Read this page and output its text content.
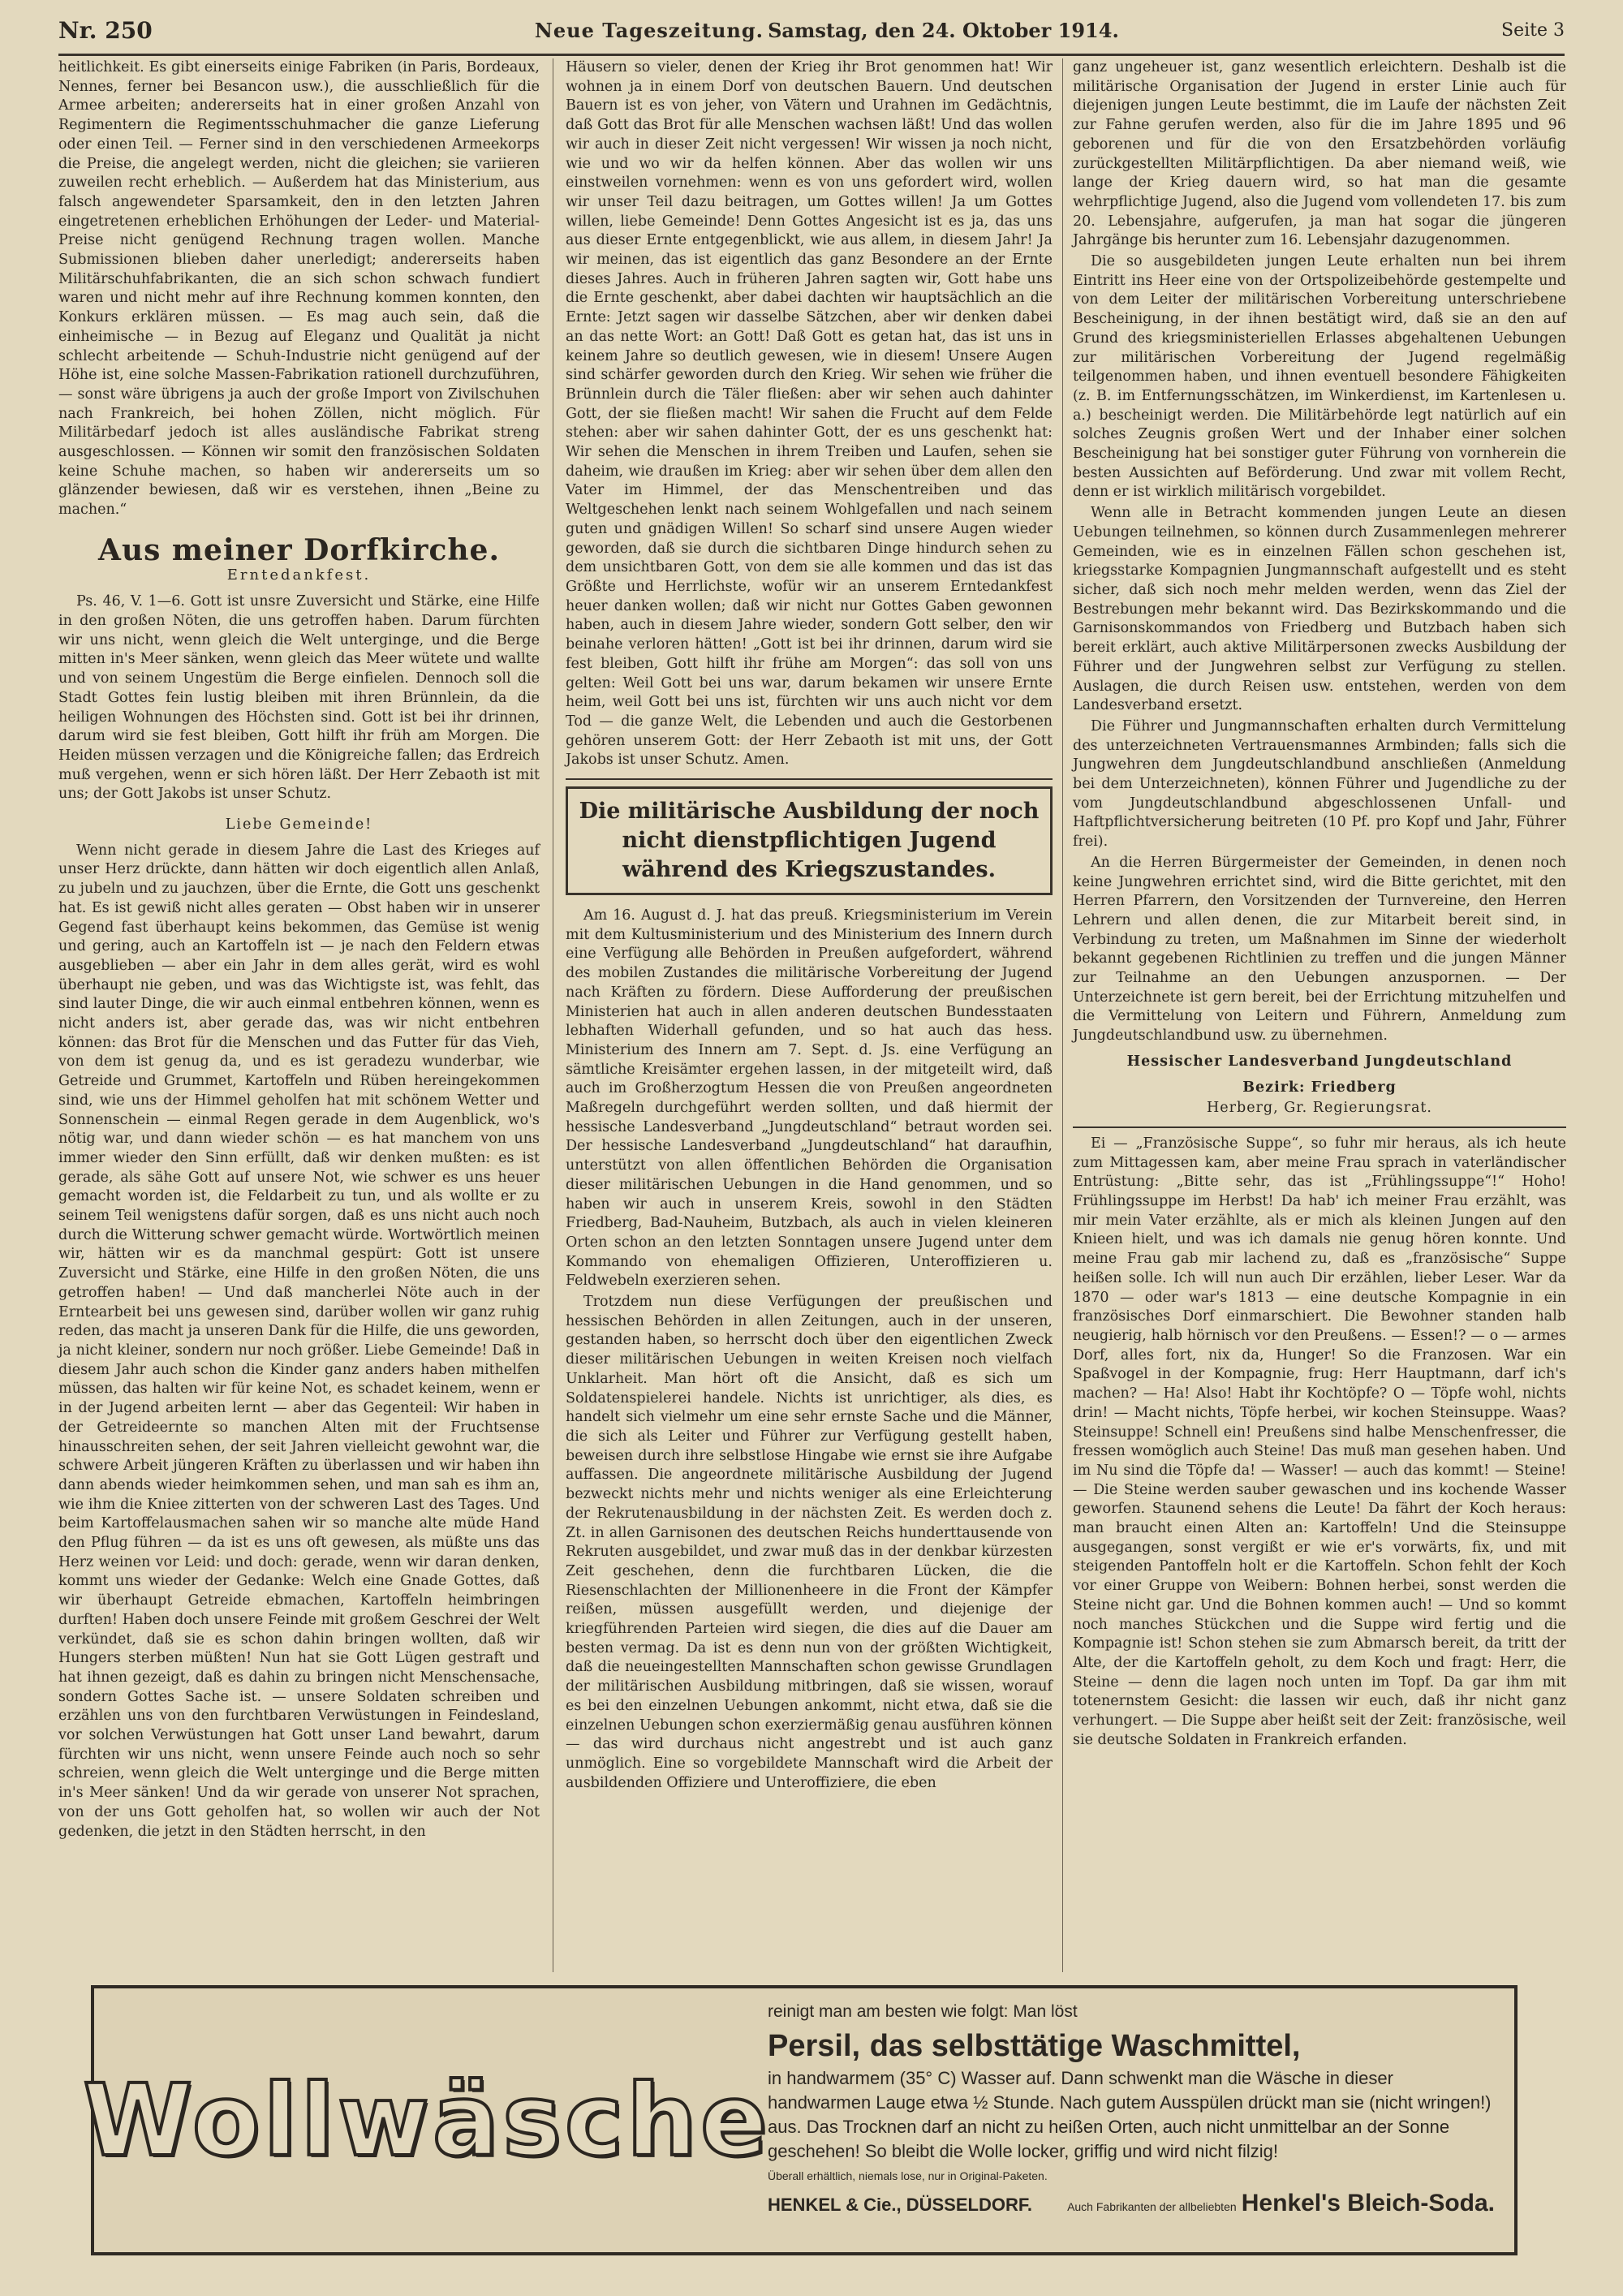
Nr. 250	Neue Tageszeitung. Samstag, den 24. Oktober 1914.	Seite 3

heitlichkeit. Es gibt einerseits einige Fabriken (in Paris, Bordeaux, Nennes, ferner bei Besancon usw.), die ausschließlich für die Armee arbeiten; andererseits hat in einer großen Anzahl von Regimentern die Regimentsschuhmacher die ganze Lieferung oder einen Teil. — Ferner sind in den verschiedenen Armeekorps die Preise, die angelegt werden, nicht die gleichen; sie variieren zuweilen recht erheblich. — Außerdem hat das Ministerium, aus falsch angewendeter Sparsamkeit, den in den letzten Jahren eingetretenen erheblichen Erhöhungen der Leder- und Material-Preise nicht genügend Rechnung tragen wollen. Manche Submissionen blieben daher unerledigt; andererseits haben Militärschuhfabrikanten, die an sich schon schwach fundiert waren und nicht mehr auf ihre Rechnung kommen konnten, den Konkurs erklären müssen. — Es mag auch sein, daß die einheimische — in Bezug auf Eleganz und Qualität ja nicht schlecht arbeitende — Schuh-Industrie nicht genügend auf der Höhe ist, eine solche Massen-Fabrikation rationell durchzuführen, — sonst wäre übrigens ja auch der große Import von Zivilschuhen nach Frankreich, bei hohen Zöllen, nicht möglich. Für Militärbedarf jedoch ist alles ausländische Fabrikat streng ausgeschlossen. — Können wir somit den französischen Soldaten keine Schuhe machen, so haben wir andererseits um so glänzender bewiesen, daß wir es verstehen, ihnen „Beine zu machen.“

Aus meiner Dorfkirche.
Erntedankfest.

Ps. 46, V. 1—6. Gott ist unsre Zuversicht und Stärke, eine Hilfe in den großen Nöten, die uns getroffen haben. Darum fürchten wir uns nicht, wenn gleich die Welt unterginge, und die Berge mitten in's Meer sänken, wenn gleich das Meer wütete und wallte und von seinem Ungestüm die Berge einfielen. Dennoch soll die Stadt Gottes fein lustig bleiben mit ihren Brünnlein, da die heiligen Wohnungen des Höchsten sind. Gott ist bei ihr drinnen, darum wird sie fest bleiben, Gott hilft ihr früh am Morgen. Die Heiden müssen verzagen und die Königreiche fallen; das Erdreich muß vergehen, wenn er sich hören läßt. Der Herr Zebaoth ist mit uns; der Gott Jakobs ist unser Schutz.

Liebe Gemeinde!

Wenn nicht gerade in diesem Jahre die Last des Krieges auf unser Herz drückte, dann hätten wir doch eigentlich allen Anlaß, zu jubeln und zu jauchzen, über die Ernte, die Gott uns geschenkt hat. Es ist gewiß nicht alles geraten — Obst haben wir in unserer Gegend fast überhaupt keins bekommen, das Gemüse ist wenig und gering, auch an Kartoffeln ist — je nach den Feldern etwas ausgeblieben — aber ein Jahr in dem alles gerät, wird es wohl überhaupt nie geben, und was das Wichtigste ist, was fehlt, das sind lauter Dinge, die wir auch einmal entbehren können, wenn es nicht anders ist, aber gerade das, was wir nicht entbehren können: das Brot für die Menschen und das Futter für das Vieh, von dem ist genug da, und es ist geradezu wunderbar, wie Getreide und Grummet, Kartoffeln und Rüben hereingekommen sind, wie uns der Himmel geholfen hat mit schönem Wetter und Sonnenschein — einmal Regen gerade in dem Augenblick, wo's nötig war, und dann wieder schön — es hat manchem von uns immer wieder den Sinn erfüllt, daß wir denken mußten: es ist gerade, als sähe Gott auf unsere Not, wie schwer es uns heuer gemacht worden ist, die Feldarbeit zu tun, und als wollte er zu seinem Teil wenigstens dafür sorgen, daß es uns nicht auch noch durch die Witterung schwer gemacht würde. Wortwörtlich meinen wir, hätten wir es da manchmal gespürt: Gott ist unsere Zuversicht und Stärke, eine Hilfe in den großen Nöten, die uns getroffen haben! — Und daß mancherlei Nöte auch in der Erntearbeit bei uns gewesen sind, darüber wollen wir ganz ruhig reden, das macht ja unseren Dank für die Hilfe, die uns geworden, ja nicht kleiner, sondern nur noch größer. Liebe Gemeinde! Daß in diesem Jahr auch schon die Kinder ganz anders haben mithelfen müssen, das halten wir für keine Not, es schadet keinem, wenn er in der Jugend arbeiten lernt — aber das Gegenteil: Wir haben in der Getreideernte so manchen Alten mit der Fruchtsense hinausschreiten sehen, der seit Jahren vielleicht gewohnt war, die schwere Arbeit jüngeren Kräften zu überlassen und wir haben ihn dann abends wieder heimkommen sehen, und man sah es ihm an, wie ihm die Kniee zitterten von der schweren Last des Tages. Und beim Kartoffelausmachen sahen wir so manche alte müde Hand den Pflug führen — da ist es uns oft gewesen, als müßte uns das Herz weinen vor Leid: und doch: gerade, wenn wir daran denken, kommt uns wieder der Gedanke: Welch eine Gnade Gottes, daß wir überhaupt Getreide ebmachen, Kartoffeln heimbringen durften! Haben doch unsere Feinde mit großem Geschrei der Welt verkündet, daß sie es schon dahin bringen wollten, daß wir Hungers sterben müßten! Nun hat sie Gott Lügen gestraft und hat ihnen gezeigt, daß es dahin zu bringen nicht Menschensache, sondern Gottes Sache ist. — unsere Soldaten schreiben und erzählen uns von den furchtbaren Verwüstungen in Feindesland, vor solchen Verwüstungen hat Gott unser Land bewahrt, darum fürchten wir uns nicht, wenn unsere Feinde auch noch so sehr schreien, wenn gleich die Welt unterginge und die Berge mitten in's Meer sänken! Und da wir gerade von unserer Not sprachen, von der uns Gott geholfen hat, so wollen wir auch der Not gedenken, die jetzt in den Städten herrscht, in den

Häusern so vieler, denen der Krieg ihr Brot genommen hat! Wir wohnen ja in einem Dorf von deutschen Bauern. Und deutschen Bauern ist es von jeher, von Vätern und Urahnen im Gedächtnis, daß Gott das Brot für alle Menschen wachsen läßt! Und das wollen wir auch in dieser Zeit nicht vergessen! Wir wissen ja noch nicht, wie und wo wir da helfen können. Aber das wollen wir uns einstweilen vornehmen: wenn es von uns gefordert wird, wollen wir unser Teil dazu beitragen, um Gottes willen! Ja um Gottes willen, liebe Gemeinde! Denn Gottes Angesicht ist es ja, das uns aus dieser Ernte entgegenblickt, wie aus allem, in diesem Jahr! Ja wir meinen, das ist eigentlich das ganz Besondere an der Ernte dieses Jahres. Auch in früheren Jahren sagten wir, Gott habe uns die Ernte geschenkt, aber dabei dachten wir hauptsächlich an die Ernte: Jetzt sagen wir dasselbe Sätzchen, aber wir denken dabei an das nette Wort: an Gott! Daß Gott es getan hat, das ist uns in keinem Jahre so deutlich gewesen, wie in diesem! Unsere Augen sind schärfer geworden durch den Krieg. Wir sehen wie früher die Brünnlein durch die Täler fließen: aber wir sehen auch dahinter Gott, der sie fließen macht! Wir sahen die Frucht auf dem Felde stehen: aber wir sahen dahinter Gott, der es uns geschenkt hat: Wir sehen die Menschen in ihrem Treiben und Laufen, sehen sie daheim, wie draußen im Krieg: aber wir sehen über dem allen den Vater im Himmel, der das Menschentreiben und das Weltgeschehen lenkt nach seinem Wohlgefallen und nach seinem guten und gnädigen Willen! So scharf sind unsere Augen wieder geworden, daß sie durch die sichtbaren Dinge hindurch sehen zu dem unsichtbaren Gott, von dem sie alle kommen und das ist das Größte und Herrlichste, wofür wir an unserem Erntedankfest heuer danken wollen; daß wir nicht nur Gottes Gaben gewonnen haben, auch in diesem Jahre wieder, sondern Gott selber, den wir beinahe verloren hätten! „Gott ist bei ihr drinnen, darum wird sie fest bleiben, Gott hilft ihr frühe am Morgen“: das soll von uns gelten: Weil Gott bei uns war, darum bekamen wir unsere Ernte heim, weil Gott bei uns ist, fürchten wir uns auch nicht vor dem Tod — die ganze Welt, die Lebenden und auch die Gestorbenen gehören unserem Gott: der Herr Zebaoth ist mit uns, der Gott Jakobs ist unser Schutz. Amen.

Die militärische Ausbildung der noch nicht dienstpflichtigen Jugend während des Kriegszustandes.

Am 16. August d. J. hat das preuß. Kriegsministerium im Verein mit dem Kultusministerium und des Ministerium des Innern durch eine Verfügung alle Behörden in Preußen aufgefordert, während des mobilen Zustandes die militärische Vorbereitung der Jugend nach Kräften zu fördern. Diese Aufforderung der preußischen Ministerien hat auch in allen anderen deutschen Bundesstaaten lebhaften Widerhall gefunden, und so hat auch das hess. Ministerium des Innern am 7. Sept. d. Js. eine Verfügung an sämtliche Kreisämter ergehen lassen, in der mitgeteilt wird, daß auch im Großherzogtum Hessen die von Preußen angeordneten Maßregeln durchgeführt werden sollten, und daß hiermit der hessische Landesverband „Jungdeutschland“ betraut worden sei. Der hessische Landesverband „Jungdeutschland“ hat daraufhin, unterstützt von allen öffentlichen Behörden die Organisation dieser militärischen Uebungen in die Hand genommen, und so haben wir auch in unserem Kreis, sowohl in den Städten Friedberg, Bad-Nauheim, Butzbach, als auch in vielen kleineren Orten schon an den letzten Sonntagen unsere Jugend unter dem Kommando von ehemaligen Offizieren, Unteroffizieren u. Feldwebeln exerzieren sehen.

Trotzdem nun diese Verfügungen der preußischen und hessischen Behörden in allen Zeitungen, auch in der unseren, gestanden haben, so herrscht doch über den eigentlichen Zweck dieser militärischen Uebungen in weiten Kreisen noch vielfach Unklarheit. Man hört oft die Ansicht, daß es sich um Soldatenspielerei handele. Nichts ist unrichtiger, als dies, es handelt sich vielmehr um eine sehr ernste Sache und die Männer, die sich als Leiter und Führer zur Verfügung gestellt haben, beweisen durch ihre selbstlose Hingabe wie ernst sie ihre Aufgabe auffassen. Die angeordnete militärische Ausbildung der Jugend bezweckt nichts mehr und nichts weniger als eine Erleichterung der Rekrutenausbildung in der nächsten Zeit. Es werden doch z. Zt. in allen Garnisonen des deutschen Reichs hunderttausende von Rekruten ausgebildet, und zwar muß das in der denkbar kürzesten Zeit geschehen, denn die furchtbaren Lücken, die die Riesenschlachten der Millionenheere in die Front der Kämpfer reißen, müssen ausgefüllt werden, und diejenige der kriegführenden Parteien wird siegen, die dies auf die Dauer am besten vermag. Da ist es denn nun von der größten Wichtigkeit, daß die neueingestellten Mannschaften schon gewisse Grundlagen der militärischen Ausbildung mitbringen, daß sie wissen, worauf es bei den einzelnen Uebungen ankommt, nicht etwa, daß sie die einzelnen Uebungen schon exerziermäßig genau ausführen können — das wird durchaus nicht angestrebt und ist auch ganz unmöglich. Eine so vorgebildete Mannschaft wird die Arbeit der ausbildenden Offiziere und Unteroffiziere, die eben

ganz ungeheuer ist, ganz wesentlich erleichtern. Deshalb ist die militärische Organisation der Jugend in erster Linie auch für diejenigen jungen Leute bestimmt, die im Laufe der nächsten Zeit zur Fahne gerufen werden, also für die im Jahre 1895 und 96 geborenen und für die von den Ersatzbehörden vorläufig zurückgestellten Militärpflichtigen. Da aber niemand weiß, wie lange der Krieg dauern wird, so hat man die gesamte wehrpflichtige Jugend, also die Jugend vom vollendeten 17. bis zum 20. Lebensjahre, aufgerufen, ja man hat sogar die jüngeren Jahrgänge bis herunter zum 16. Lebensjahr dazugenommen.

Die so ausgebildeten jungen Leute erhalten nun bei ihrem Eintritt ins Heer eine von der Ortspolizeibehörde gestempelte und von dem Leiter der militärischen Vorbereitung unterschriebene Bescheinigung, in der ihnen bestätigt wird, daß sie an den auf Grund des kriegsministeriellen Erlasses abgehaltenen Uebungen zur militärischen Vorbereitung der Jugend regelmäßig teilgenommen haben, und ihnen eventuell besondere Fähigkeiten (z. B. im Entfernungsschätzen, im Winkerdienst, im Kartenlesen u. a.) bescheinigt werden. Die Militärbehörde legt natürlich auf ein solches Zeugnis großen Wert und der Inhaber einer solchen Bescheinigung hat bei sonstiger guter Führung von vornherein die besten Aussichten auf Beförderung. Und zwar mit vollem Recht, denn er ist wirklich militärisch vorgebildet.

Wenn alle in Betracht kommenden jungen Leute an diesen Uebungen teilnehmen, so können durch Zusammenlegen mehrerer Gemeinden, wie es in einzelnen Fällen schon geschehen ist, kriegsstarke Kompagnien Jungmannschaft aufgestellt und es steht sicher, daß sich noch mehr melden werden, wenn das Ziel der Bestrebungen mehr bekannt wird. Das Bezirkskommando und die Garnisonskommandos von Friedberg und Butzbach haben sich bereit erklärt, auch aktive Militärpersonen zwecks Ausbildung der Führer und der Jungwehren selbst zur Verfügung zu stellen. Auslagen, die durch Reisen usw. entstehen, werden von dem Landesverband ersetzt.

Die Führer und Jungmannschaften erhalten durch Vermittelung des unterzeichneten Vertrauensmannes Armbinden; falls sich die Jungwehren dem Jungdeutschlandbund anschließen (Anmeldung bei dem Unterzeichneten), können Führer und Jugendliche zu der vom Jungdeutschlandbund abgeschlossenen Unfall- und Haftpflichtversicherung beitreten (10 Pf. pro Kopf und Jahr, Führer frei).

An die Herren Bürgermeister der Gemeinden, in denen noch keine Jungwehren errichtet sind, wird die Bitte gerichtet, mit den Herren Pfarrern, den Vorsitzenden der Turnvereine, den Herren Lehrern und allen denen, die zur Mitarbeit bereit sind, in Verbindung zu treten, um Maßnahmen im Sinne der wiederholt bekannt gegebenen Richtlinien zu treffen und die jungen Männer zur Teilnahme an den Uebungen anzuspornen. — Der Unterzeichnete ist gern bereit, bei der Errichtung mitzuhelfen und die Vermittelung von Leitern und Führern, Anmeldung zum Jungdeutschlandbund usw. zu übernehmen.

Hessischer Landesverband Jungdeutschland
Bezirk: Friedberg
Herberg, Gr. Regierungsrat.

Ei — „Französische Suppe“, so fuhr mir heraus, als ich heute zum Mittagessen kam, aber meine Frau sprach in vaterländischer Entrüstung: „Bitte sehr, das ist „Frühlingssuppe“!“ Hoho! Frühlingssuppe im Herbst! Da hab' ich meiner Frau erzählt, was mir mein Vater erzählte, als er mich als kleinen Jungen auf den Knieen hielt, und was ich damals nie genug hören konnte. Und meine Frau gab mir lachend zu, daß es „französische“ Suppe heißen solle. Ich will nun auch Dir erzählen, lieber Leser. War da 1870 — oder war's 1813 — eine deutsche Kompagnie in ein französisches Dorf einmarschiert. Die Bewohner standen halb neugierig, halb hörnisch vor den Preußens. — Essen!? — o — armes Dorf, alles fort, nix da, Hunger! So die Franzosen. War ein Spaßvogel in der Kompagnie, frug: Herr Hauptmann, darf ich's machen? — Ha! Also! Habt ihr Kochtöpfe? O — Töpfe wohl, nichts drin! — Macht nichts, Töpfe herbei, wir kochen Steinsuppe. Waas? Steinsuppe! Schnell ein! Preußens sind halbe Menschenfresser, die fressen womöglich auch Steine! Das muß man gesehen haben. Und im Nu sind die Töpfe da! — Wasser! — auch das kommt! — Steine! — Die Steine werden sauber gewaschen und ins kochende Wasser geworfen. Staunend sehens die Leute! Da fährt der Koch heraus: man braucht einen Alten an: Kartoffeln! Und die Steinsuppe ausgegangen, sonst vergißt er wie er's vorwärts, fix, und mit steigenden Pantoffeln holt er die Kartoffeln. Schon fehlt der Koch vor einer Gruppe von Weibern: Bohnen herbei, sonst werden die Steine nicht gar. Und die Bohnen kommen auch! — Und so kommt noch manches Stückchen und die Suppe wird fertig und die Kompagnie ist! Schon stehen sie zum Abmarsch bereit, da tritt der Alte, der die Kartoffeln geholt, zu dem Koch und fragt: Herr, die Steine — denn die lagen noch unten im Topf. Da gar ihm mit totenernstem Gesicht: die lassen wir euch, daß ihr nicht ganz verhungert. — Die Suppe aber heißt seit der Zeit: französische, weil sie deutsche Soldaten in Frankreich erfanden.

Wollwäsche
reinigt man am besten wie folgt: Man löst
Persil, das selbsttätige Waschmittel,
in handwarmem (35° C) Wasser auf. Dann schwenkt man die Wäsche in dieser handwarmen Lauge etwa ½ Stunde. Nach gutem Ausspülen drückt man sie (nicht wringen!) aus. Das Trocknen darf an nicht zu heißen Orten, auch nicht unmittelbar an der Sonne geschehen! So bleibt die Wolle locker, griffig und wird nicht filzig!
Überall erhältlich, niemals lose, nur in Original-Paketen.
HENKEL & Cie., DÜSSELDORF.	Auch Fabrikanten der allbeliebten Henkel's Bleich-Soda.
